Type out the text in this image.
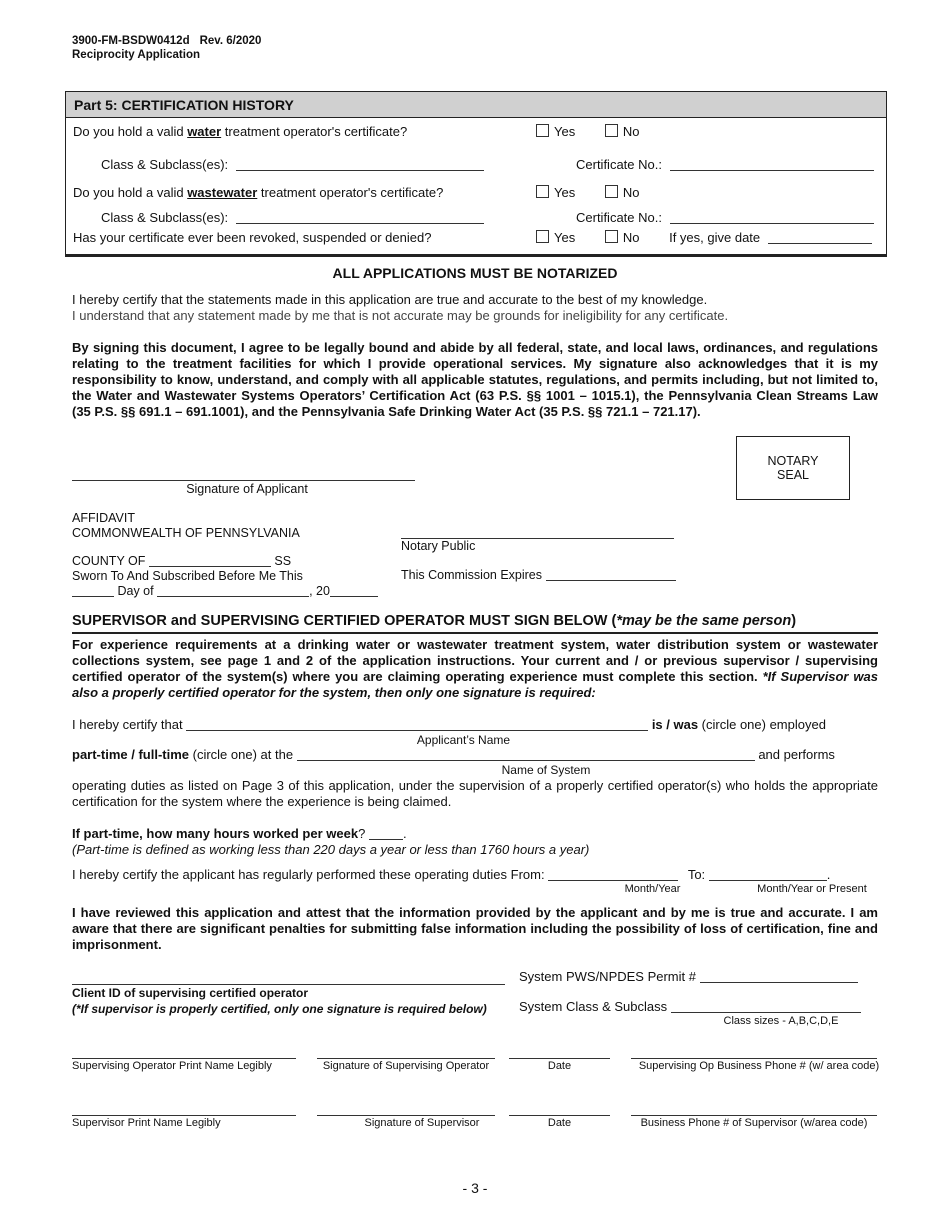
3900-FM-BSDW0412d Rev. 6/2020
Reciprocity Application
Part 5: CERTIFICATION HISTORY
Do you hold a valid water treatment operator's certificate?	Yes	No
Class & Subclass(es):	Certificate No.:
Do you hold a valid wastewater treatment operator's certificate?	Yes	No
Class & Subclass(es):	Certificate No.:
Has your certificate ever been revoked, suspended or denied?	Yes	No If yes, give date
ALL APPLICATIONS MUST BE NOTARIZED
I hereby certify that the statements made in this application are true and accurate to the best of my knowledge.
I understand that any statement made by me that is not accurate may be grounds for ineligibility for any certificate.
By signing this document, I agree to be legally bound and abide by all federal, state, and local laws, ordinances, and regulations relating to the treatment facilities for which I provide operational services. My signature also acknowledges that it is my responsibility to know, understand, and comply with all applicable statutes, regulations, and permits including, but not limited to, the Water and Wastewater Systems Operators’ Certification Act (63 P.S. §§ 1001 – 1015.1), the Pennsylvania Clean Streams Law (35 P.S. §§ 691.1 – 691.1001), and the Pennsylvania Safe Drinking Water Act (35 P.S. §§ 721.1 – 721.17).
NOTARY
SEAL
Signature of Applicant
AFFIDAVIT
COMMONWEALTH OF PENNSYLVANIA
COUNTY OF	SS
Sworn To And Subscribed Before Me This
Day of	, 20
Notary Public
This Commission Expires
SUPERVISOR and SUPERVISING CERTIFIED OPERATOR MUST SIGN BELOW (*may be the same person)
For experience requirements at a drinking water or wastewater treatment system, water distribution system or wastewater collections system, see page 1 and 2 of the application instructions. Your current and / or previous supervisor / supervising certified operator of the system(s) where you are claiming operating experience must complete this section. *If Supervisor was also a properly certified operator for the system, then only one signature is required:
I hereby certify that	is / was (circle one) employed
Applicant’s Name
part-time / full-time (circle one) at the	and performs
Name of System
operating duties as listed on Page 3 of this application, under the supervision of a properly certified operator(s) who holds the appropriate certification for the system where the experience is being claimed.
If part-time, how many hours worked per week?	.
(Part-time is defined as working less than 220 days a year or less than 1760 hours a year)
I hereby certify the applicant has regularly performed these operating duties From:	To:	.
Month/Year	Month/Year or Present
I have reviewed this application and attest that the information provided by the applicant and by me is true and accurate. I am aware that there are significant penalties for submitting false information including the possibility of loss of certification, fine and imprisonment.
Client ID of supervising certified operator
(*If supervisor is properly certified, only one signature is required below)
System PWS/NPDES Permit #
System Class & Subclass
Class sizes - A,B,C,D,E
Supervising Operator Print Name Legibly	Signature of Supervising Operator	Date	Supervising Op Business Phone # (w/ area code)
Supervisor Print Name Legibly	Signature of Supervisor	Date	Business Phone # of Supervisor (w/area code)
- 3 -
